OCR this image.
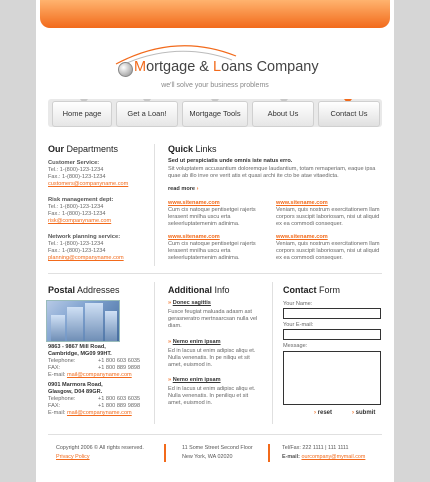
Mortgage & Loans Company
we'll solve your business problems
Home page	Get a Loan!	Mortgage Tools	About Us	Contact Us
Our Departments
Customer Service:
Tel.: 1-(800)-123-1234
Fax.: 1-(800)-123-1234
customers@companyname.com
Risk management dept:
Tel.: 1-(800)-123-1234
Fax.: 1-(800)-123-1234
risk@companyname.com
Network planning service:
Tel.: 1-(800)-123-1234
Fax.: 1-(800)-123-1234
planning@companyname.com
Quick Links
Sed ut perspiciatis unde omnis iste natus erro.
Sit voluptatem accusantium doloremque laudantium, totam remaperiam, eaque ipsa quae ab illo inve ore verit atis et quasi archi ite cto be atae vitaedicta.
read more ›
www.sitename.com
Cum cis natoque pentisetgei rajerts lerasent mnilha uscu erta seleerluptatemenim adinima.
www.sitename.com
Veniam, quis nostrum exercitationem llam corpors suscipit laboriosam, nisi ut aliquid ex ea commodi consequer.
www.sitename.com
Cum cis natoque pentisetgei rajerts lerasent mnilha uscu erta seleerluptatemenim adinima.
www.sitename.com
Veniam, quis nostrum exercitationem llam corpors suscipit laboriosam, nisi ut aliquid ex ea commodi consequer.
Postal Addresses
9863 - 9867 Mill Road,
Cambridge, MG09 99HT.
Telephone:	+1 800 603 6035

FAX:	+1 800 889 9898

E-mail: mail@companyname.com
0901 Marmora Road,
Glasgow, D04 89GR.
Telephone:	+1 800 603 6035

FAX:	+1 800 889 9898

E-mail: mail@companyname.com
Additional Info
» Donec sagittis
Fusce feugiat maluada adasm ast gerasneratro mertnsarcsan nulla vel diam.
» Nemo enim ipsam
Ed in lacus ut enim adipisc aliqu et. Nulla venenatis. In pe niliqu et sit amet, euismod in.
» Nemo enim ipsam
Ed in lacus ut enim adipisc aliqu et. Nulla venenatis. In peniliqu et sit amet, euismod in.
Contact Form
Your Name:
Your E-mail:
Message:
› reset
›	submit
Copyright 2006 © All rights reserved.
Privacy Policy
11 Some Street Second Floor
New York, WA 02020
Tel/Fax: 222 1111 | 111 1111
E-mail: ourcompany@mymail.com
